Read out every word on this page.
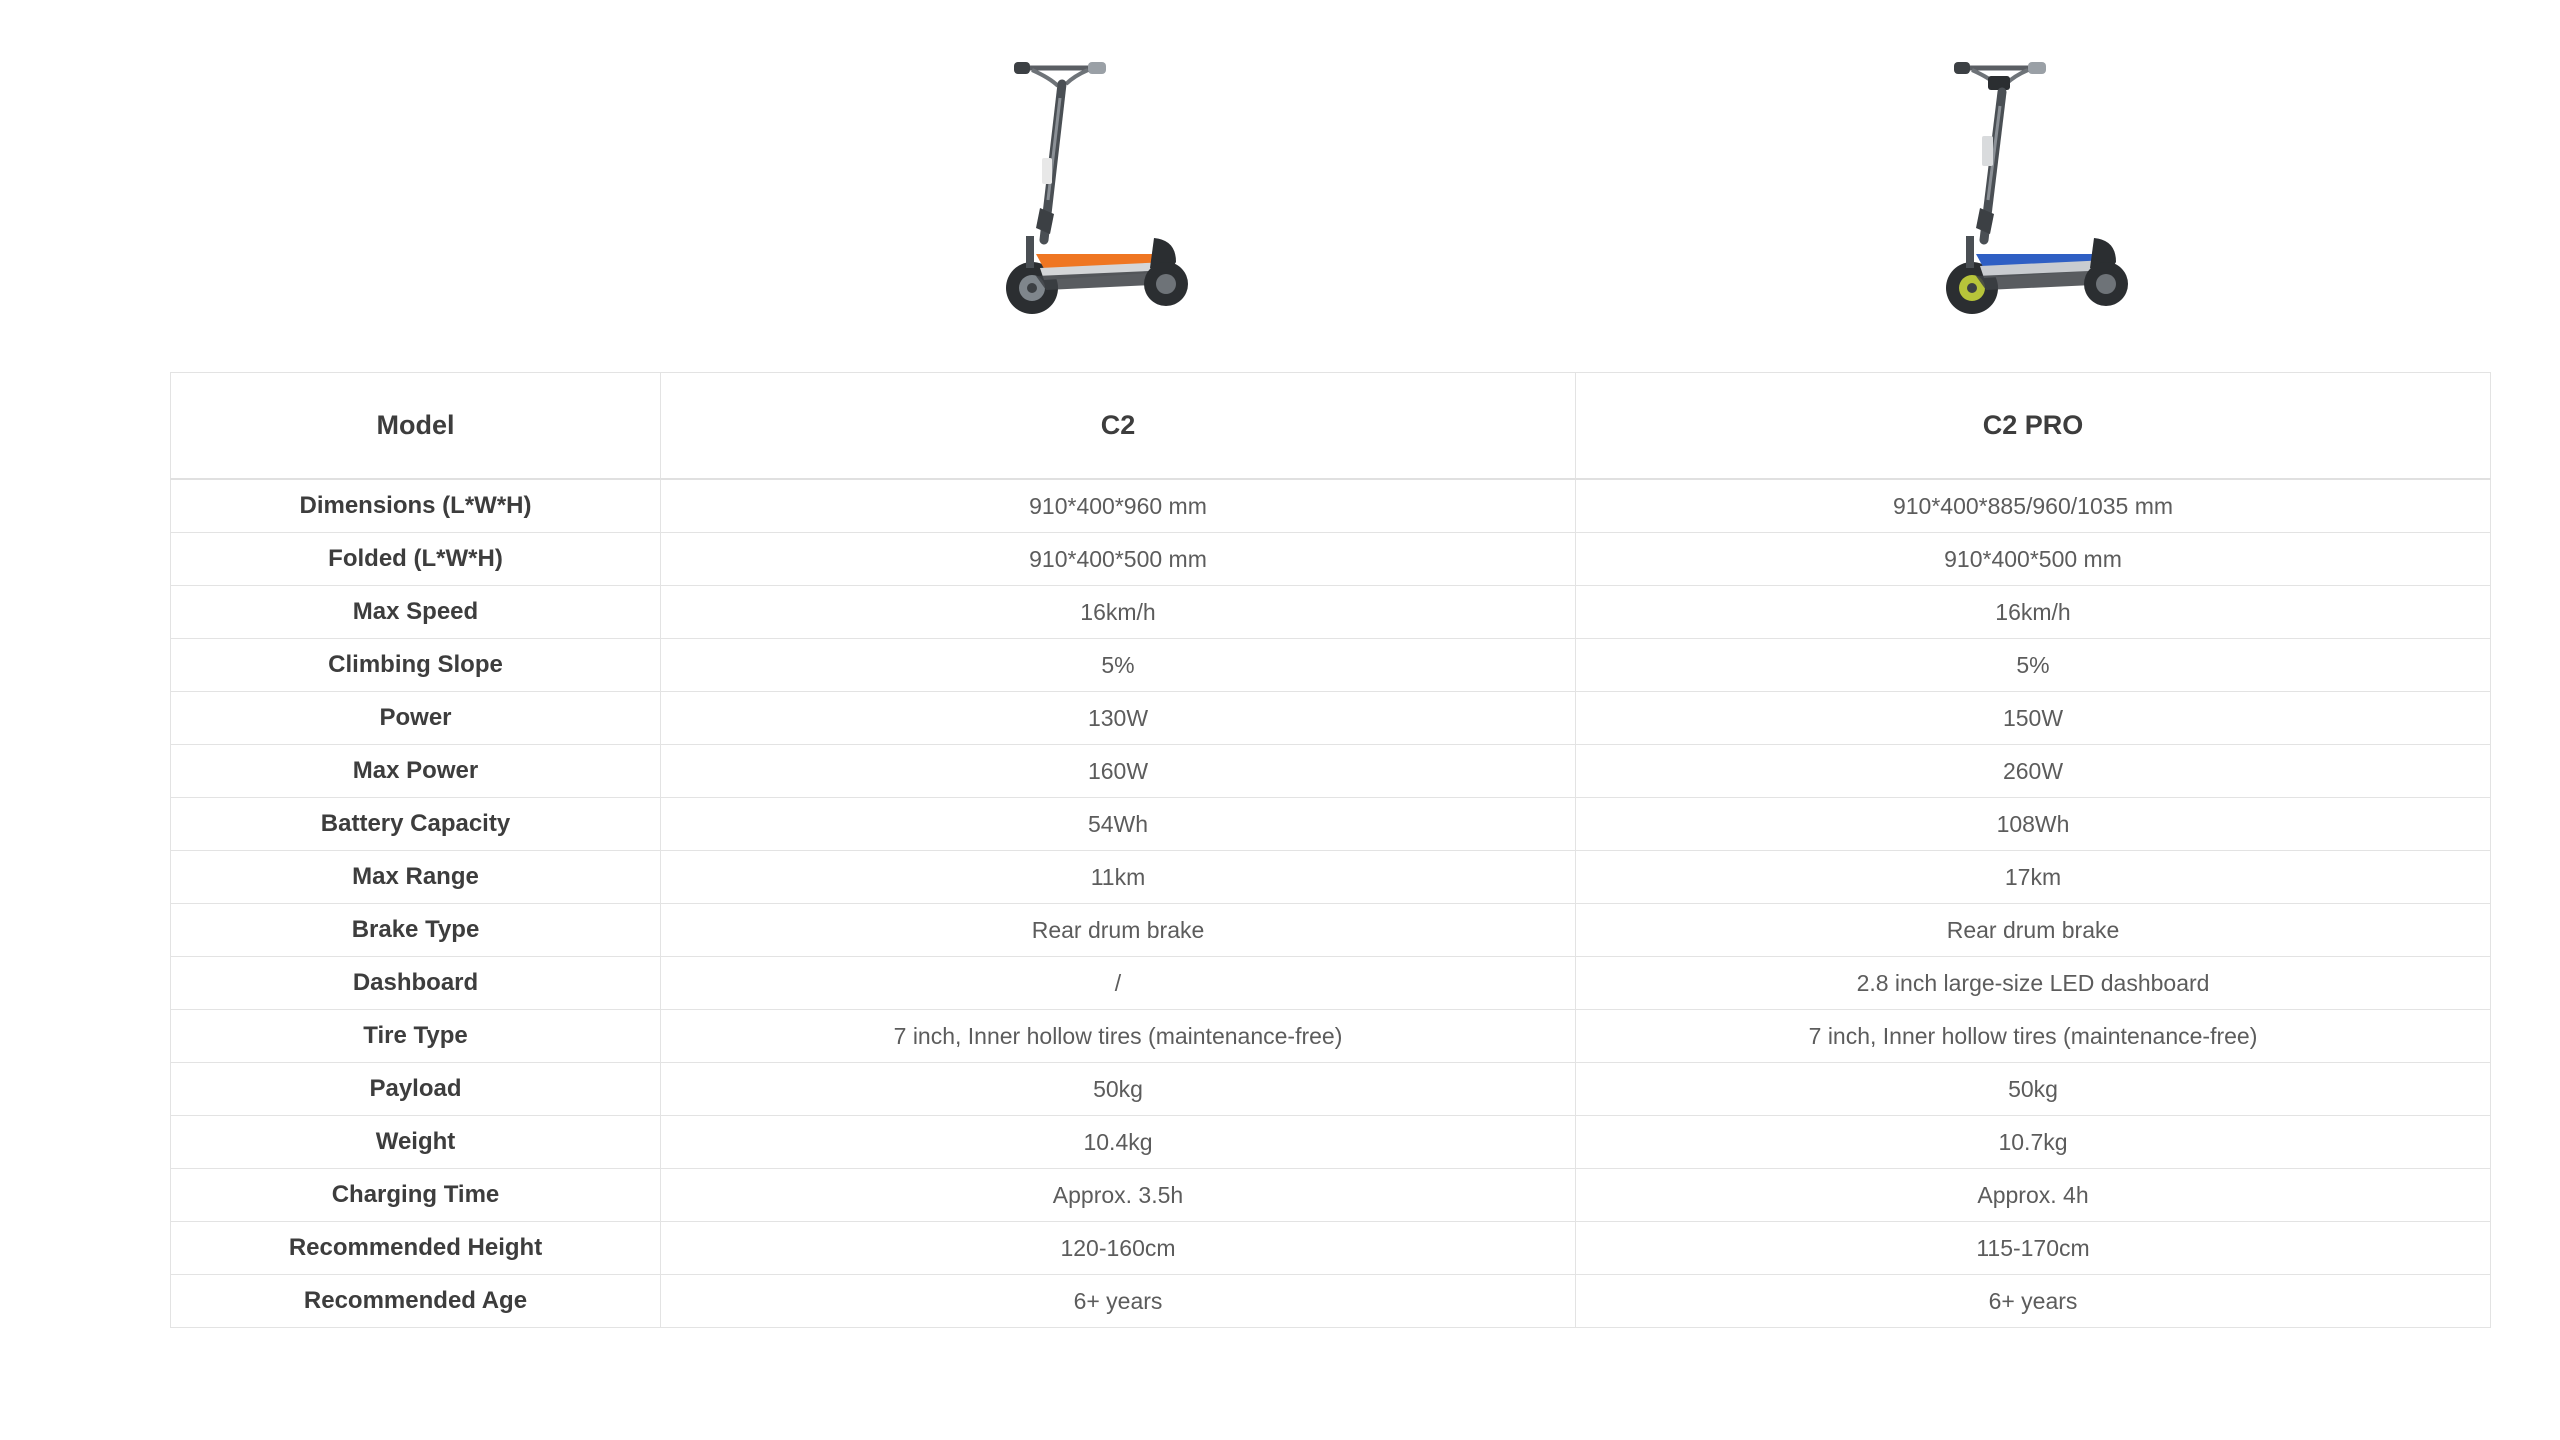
Model	C2	C2 PRO
Dimensions (L*W*H)	910*400*960 mm	910*400*885/960/1035 mm
Folded (L*W*H)	910*400*500 mm	910*400*500 mm
Max Speed	16km/h	16km/h
Climbing Slope	5%	5%
Power	130W	150W
Max Power	160W	260W
Battery Capacity	54Wh	108Wh
Max Range	11km	17km
Brake Type	Rear drum brake	Rear drum brake
Dashboard	/	2.8 inch large-size LED dashboard
Tire Type	7 inch, Inner hollow tires (maintenance-free)	7 inch, Inner hollow tires (maintenance-free)
Payload	50kg	50kg
Weight	10.4kg	10.7kg
Charging Time	Approx. 3.5h	Approx. 4h
Recommended Height	120-160cm	115-170cm
Recommended Age	6+ years	6+ years
